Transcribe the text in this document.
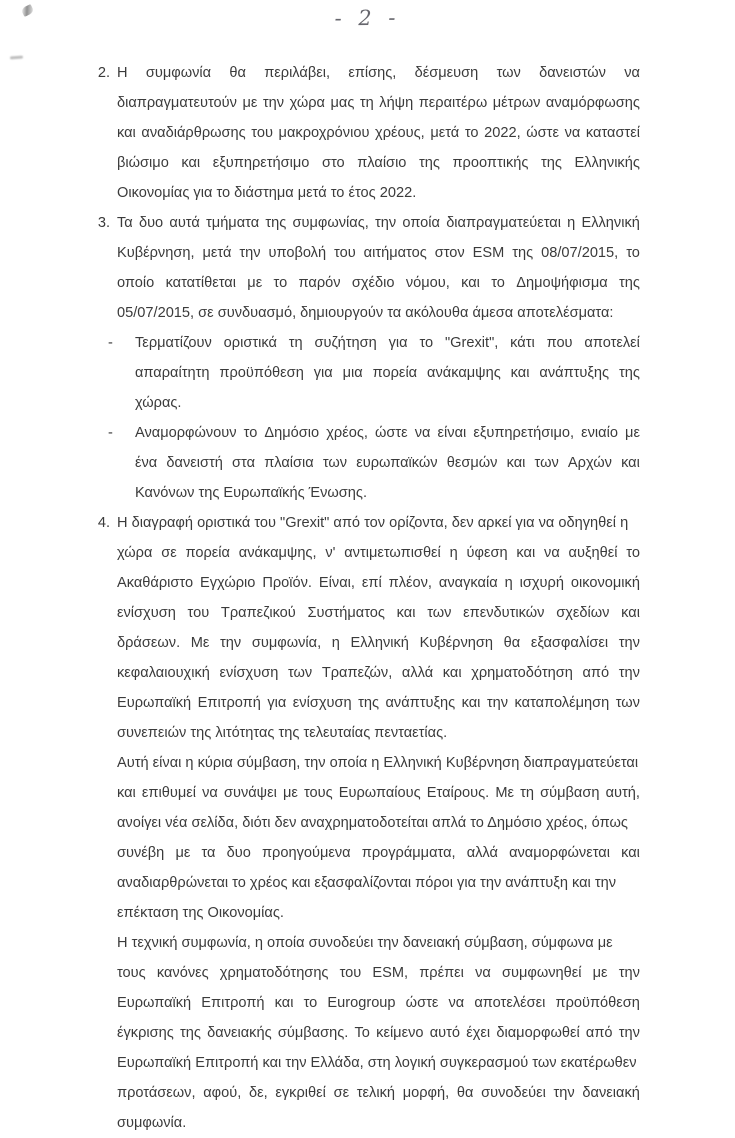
- 2 -
2. Η συμφωνία θα περιλάβει, επίσης, δέσμευση των δανειστών να
διαπραγματευτούν με την χώρα μας τη λήψη περαιτέρω μέτρων αναμόρφωσης
και αναδιάρθρωσης του μακροχρόνιου χρέους, μετά το 2022, ώστε να καταστεί
βιώσιμο και εξυπηρετήσιμο στο πλαίσιο της προοπτικής της Ελληνικής
Οικονομίας για το διάστημα μετά το έτος 2022.
3. Τα δυο αυτά τμήματα της συμφωνίας, την οποία διαπραγματεύεται η Ελληνική
Κυβέρνηση, μετά την υποβολή του αιτήματος στον ESM της 08/07/2015, το
οποίο κατατίθεται με το παρόν σχέδιο νόμου, και το Δημοψήφισμα της
05/07/2015, σε συνδυασμό, δημιουργούν τα ακόλουθα άμεσα αποτελέσματα:
-	Τερματίζουν οριστικά τη συζήτηση για το "Grexit", κάτι που αποτελεί
απαραίτητη προϋπόθεση για μια πορεία ανάκαμψης και ανάπτυξης της
χώρας.
-	Αναμορφώνουν το Δημόσιο χρέος, ώστε να είναι εξυπηρετήσιμο, ενιαίο με
ένα δανειστή στα πλαίσια των ευρωπαϊκών θεσμών και των Αρχών και
Κανόνων της Ευρωπαϊκής Ένωσης.
4. Η διαγραφή οριστικά του "Grexit" από τον ορίζοντα, δεν αρκεί για να οδηγηθεί η
χώρα σε πορεία ανάκαμψης, ν' αντιμετωπισθεί η ύφεση και να αυξηθεί το
Ακαθάριστο Εγχώριο Προϊόν. Είναι, επί πλέον, αναγκαία η ισχυρή οικονομική
ενίσχυση του Τραπεζικού Συστήματος και των επενδυτικών σχεδίων και
δράσεων. Με την συμφωνία, η Ελληνική Κυβέρνηση θα εξασφαλίσει την
κεφαλαιουχική ενίσχυση των Τραπεζών, αλλά και χρηματοδότηση από την
Ευρωπαϊκή Επιτροπή για ενίσχυση της ανάπτυξης και την καταπολέμηση των
συνεπειών της λιτότητας της τελευταίας πενταετίας.
Αυτή είναι η κύρια σύμβαση, την οποία η Ελληνική Κυβέρνηση διαπραγματεύεται
και επιθυμεί να συνάψει με τους Ευρωπαίους Εταίρους. Με τη σύμβαση αυτή,
ανοίγει νέα σελίδα, διότι δεν αναχρηματοδοτείται απλά το Δημόσιο χρέος, όπως
συνέβη με τα δυο προηγούμενα προγράμματα, αλλά αναμορφώνεται και
αναδιαρθρώνεται το χρέος και εξασφαλίζονται πόροι για την ανάπτυξη και την
επέκταση της Οικονομίας.
Η τεχνική συμφωνία, η οποία συνοδεύει την δανειακή σύμβαση, σύμφωνα με
τους κανόνες χρηματοδότησης του ESM, πρέπει να συμφωνηθεί με την
Ευρωπαϊκή Επιτροπή και το Eurogroup ώστε να αποτελέσει προϋπόθεση
έγκρισης της δανειακής σύμβασης. Το κείμενο αυτό έχει διαμορφωθεί από την
Ευρωπαϊκή Επιτροπή και την Ελλάδα, στη λογική συγκερασμού των εκατέρωθεν
προτάσεων, αφού, δε, εγκριθεί σε τελική μορφή, θα συνοδεύει την δανειακή
συμφωνία.
